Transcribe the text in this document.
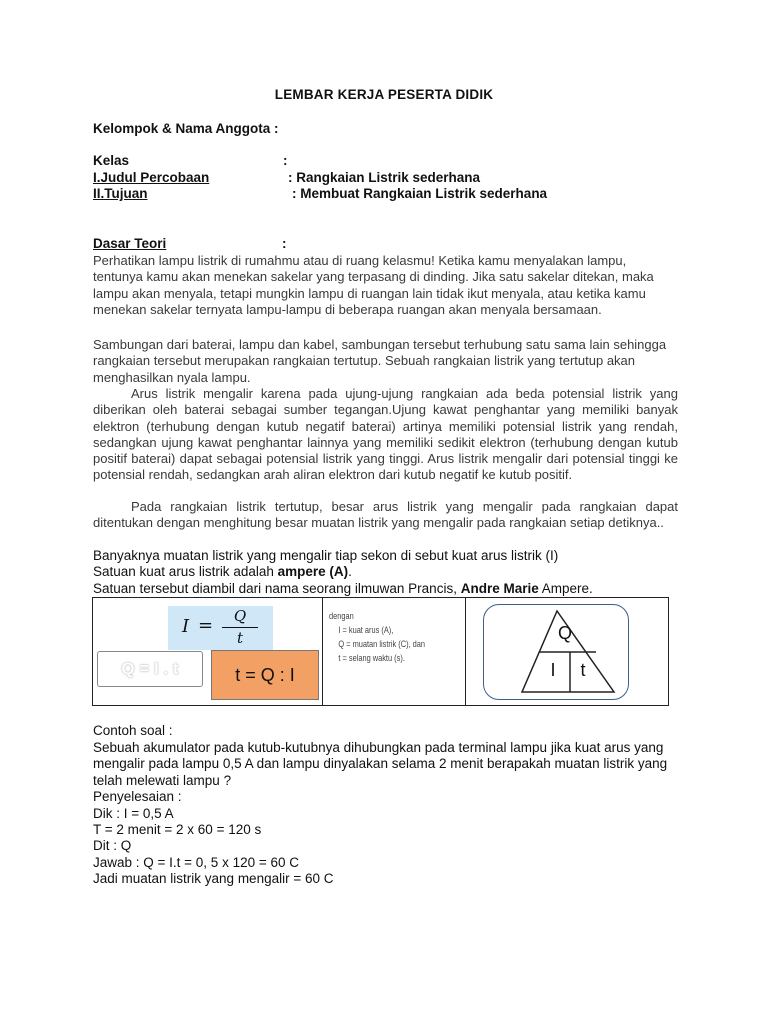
LEMBAR KERJA PESERTA DIDIK
Kelompok & Nama Anggota :
Kelas	:
I.Judul Percobaan	: Rangkaian Listrik sederhana
II.Tujuan	: Membuat Rangkaian Listrik sederhana
Dasar Teori	:
Perhatikan lampu listrik di rumahmu atau di ruang kelasmu! Ketika kamu menyalakan lampu, tentunya kamu akan menekan sakelar yang terpasang di dinding. Jika satu sakelar ditekan, maka lampu akan menyala, tetapi mungkin lampu di ruangan lain tidak ikut menyala, atau ketika kamu menekan sakelar ternyata lampu-lampu di beberapa ruangan akan menyala bersamaan.
Sambungan dari baterai, lampu dan kabel, sambungan tersebut terhubung satu sama lain sehingga rangkaian tersebut merupakan rangkaian tertutup. Sebuah rangkaian listrik yang tertutup akan menghasilkan nyala lampu.
Arus listrik mengalir karena pada ujung-ujung rangkaian ada beda potensial listrik yang diberikan oleh baterai sebagai sumber tegangan.Ujung kawat penghantar yang memiliki banyak elektron (terhubung dengan kutub negatif baterai) artinya memiliki potensial listrik yang rendah, sedangkan ujung kawat penghantar lainnya yang memiliki sedikit elektron (terhubung dengan kutub positif baterai) dapat sebagai potensial listrik yang tinggi. Arus listrik mengalir dari potensial tinggi ke potensial rendah, sedangkan arah aliran elektron dari kutub negatif ke kutub positif.
Pada rangkaian listrik tertutup, besar arus listrik yang mengalir pada rangkaian dapat ditentukan dengan menghitung besar muatan listrik yang mengalir pada rangkaian setiap detiknya..
Banyaknya muatan listrik yang mengalir tiap sekon di sebut kuat arus listrik (I)
Satuan kuat arus listrik adalah ampere (A).
Satuan tersebut diambil dari nama seorang ilmuwan Prancis, Andre Marie Ampere.
I =	Q
t
Q = I . t	t = Q : I
dengan
I = kuat arus (A),
Q = muatan listrik (C), dan
t = selang waktu (s).
Q
I t
Contoh soal :
Sebuah akumulator pada kutub-kutubnya dihubungkan pada terminal lampu jika kuat arus yang mengalir pada lampu 0,5 A dan lampu dinyalakan selama 2 menit berapakah muatan listrik yang telah melewati lampu ?
Penyelesaian :
Dik : I = 0,5 A
T = 2 menit = 2 x 60 = 120 s
Dit : Q
Jawab : Q = I.t = 0, 5 x 120 = 60 C
Jadi muatan listrik yang mengalir = 60 C
